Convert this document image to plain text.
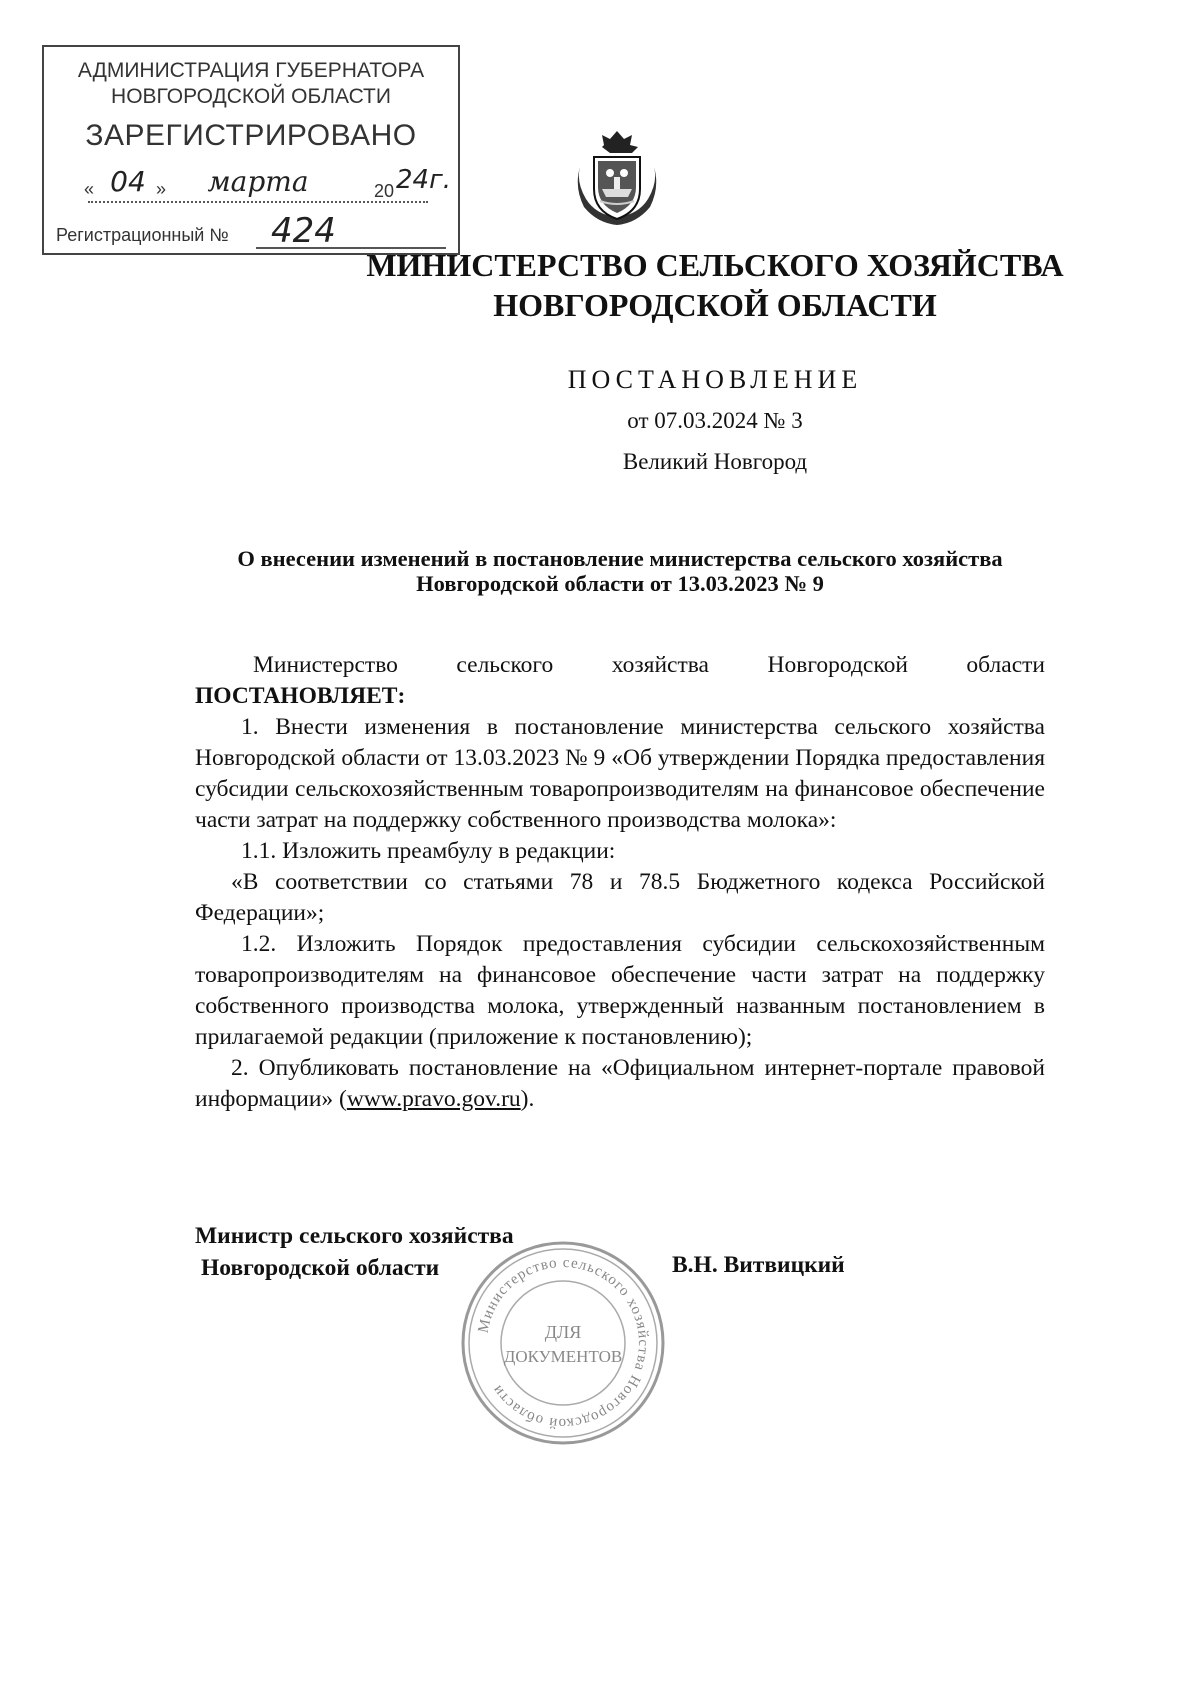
АДМИНИСТРАЦИЯ ГУБЕРНАТОРА
НОВГОРОДСКОЙ ОБЛАСТИ
ЗАРЕГИСТРИРОВАНО
« 04 »	марта	20 24г.
Регистрационный № 424
МИНИСТЕРСТВО СЕЛЬСКОГО ХОЗЯЙСТВА
НОВГОРОДСКОЙ ОБЛАСТИ
ПОСТАНОВЛЕНИЕ
от 07.03.2024 № 3
Великий Новгород
О внесении изменений в постановление министерства сельского хозяйства
Новгородской области от 13.03.2023 № 9

Министерство сельского хозяйства Новгородской области ПОСТАНОВЛЯЕТ:

1. Внести изменения в постановление министерства сельского хозяйства Новгородской области от 13.03.2023 № 9 «Об утверждении Порядка предоставления субсидии сельскохозяйственным товаропроизводителям на финансовое обеспечение части затрат на поддержку собственного производства молока»:

1.1. Изложить преамбулу в редакции:

«В соответствии со статьями 78 и 78.5 Бюджетного кодекса Российской Федерации»;

1.2. Изложить Порядок предоставления субсидии сельскохозяйственным товаропроизводителям на финансовое обеспечение части затрат на поддержку собственного производства молока, утвержденный названным постановлением в прилагаемой редакции (приложение к постановлению);

2. Опубликовать постановление на «Официальном интернет-портале правовой информации» (www.pravo.gov.ru).

Министр сельского хозяйства
Новгородской области	В.Н. Витвицкий
Министерство сельского хозяйства Новгородской области
ДЛЯ
ДОКУМЕНТОВ
